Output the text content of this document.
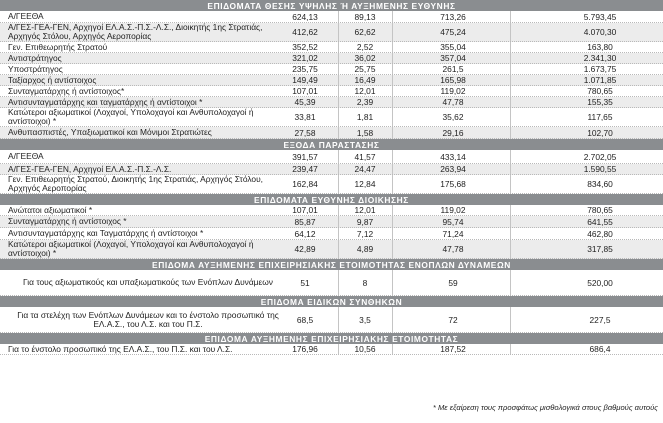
ΕΠΙΔΟΜΑΤΑ ΘΕΣΗΣ ΥΨΗΛΗΣ Ή ΑΥΞΗΜΕΝΗΣ ΕΥΘΥΝΗΣ
Α/ΓΕΕΘΑ	624,13	89,13	713,26	5.793,45
Α/ΓΕΣ-ΓΕΑ-ΓΕΝ, Αρχηγοί ΕΛ.Α.Σ.-Π.Σ.-Λ.Σ., Διοικητής 1ης Στρατιάς, Αρχηγός Στόλου, Αρχηγός Αεροπορίας	412,62	62,62	475,24	4.070,30
Γεν. Επιθεωρητής Στρατού	352,52	2,52	355,04	163,80
Αντιστράτηγος	321,02	36,02	357,04	2.341,30
Υποστράτηγος	235,75	25,75	261,5	1.673,75
Ταξίαρχος ή αντίστοιχος	149,49	16,49	165,98	1.071,85
Συνταγματάρχης ή αντίστοιχος*	107,01	12,01	119,02	780,65
Αντισυνταγματάρχης και ταγματάρχης ή αντίστοιχοι *	45,39	2,39	47,78	155,35
Κατώτεροι αξιωματικοί (Λοχαγοί, Υπολοχαγοί και Ανθυπολοχαγοί ή αντίστοιχοι) *	33,81	1,81	35,62	117,65
Ανθυπασπιστές, Υπαξιωματικοί και Μόνιμοι Στρατιώτες	27,58	1,58	29,16	102,70
ΕΞΟΔΑ ΠΑΡΑΣΤΑΣΗΣ
Α/ΓΕΕΘΑ	391,57	41,57	433,14	2.702,05
Α/ΓΕΣ-ΓΕΑ-ΓΕΝ, Αρχηγοί ΕΛ.Α.Σ.-Π.Σ.-Λ.Σ.	239,47	24,47	263,94	1.590,55
Γεν. Επιθεωρητής Στρατού, Διοικητής 1ης Στρατιάς, Αρχηγός Στόλου, Αρχηγός Αεροπορίας	162,84	12,84	175,68	834,60
ΕΠΙΔΟΜΑΤΑ ΕΥΘΥΝΗΣ ΔΙΟΙΚΗΣΗΣ
Ανώτατοι αξιωματικοί *	107,01	12,01	119,02	780,65
Συνταγματάρχης ή αντίστοιχος *	85,87	9,87	95,74	641,55
Αντισυνταγματάρχης και Ταγματάρχης ή αντίστοιχοι *	64,12	7,12	71,24	462,80
Κατώτεροι αξιωματικοί (Λοχαγοί, Υπολοχαγοί και Ανθυπολοχαγοί ή αντίστοιχοι) *	42,89	4,89	47,78	317,85
ΕΠΙΔΟΜΑ ΑΥΞΗΜΕΝΗΣ ΕΠΙΧΕΙΡΗΣΙΑΚΗΣ ΕΤΟΙΜΟΤΗΤΑΣ ΕΝΟΠΛΩΝ ΔΥΝΑΜΕΩΝ
Για τους αξιωματικούς και υπαξιωματικούς των Ενόπλων Δυνάμεων	51	8	59	520,00
ΕΠΙΔΟΜΑ ΕΙΔΙΚΩΝ ΣΥΝΘΗΚΩΝ
Για τα στελέχη των Ενόπλων Δυνάμεων και το ένστολο προσωπικό της ΕΛ.Α.Σ., του Λ.Σ. και του Π.Σ.	68,5	3,5	72	227,5
ΕΠΙΔΟΜΑ ΑΥΞΗΜΕΝΗΣ ΕΠΙΧΕΙΡΗΣΙΑΚΗΣ ΕΤΟΙΜΟΤΗΤΑΣ
Για το ένστολο προσωπικό της ΕΛ.Α.Σ., του Π.Σ. και του Λ.Σ.	176,96	10,56	187,52	686,4
* Με εξαίρεση τους προσφάτως μισθολογικά στους βαθμούς αυτούς
